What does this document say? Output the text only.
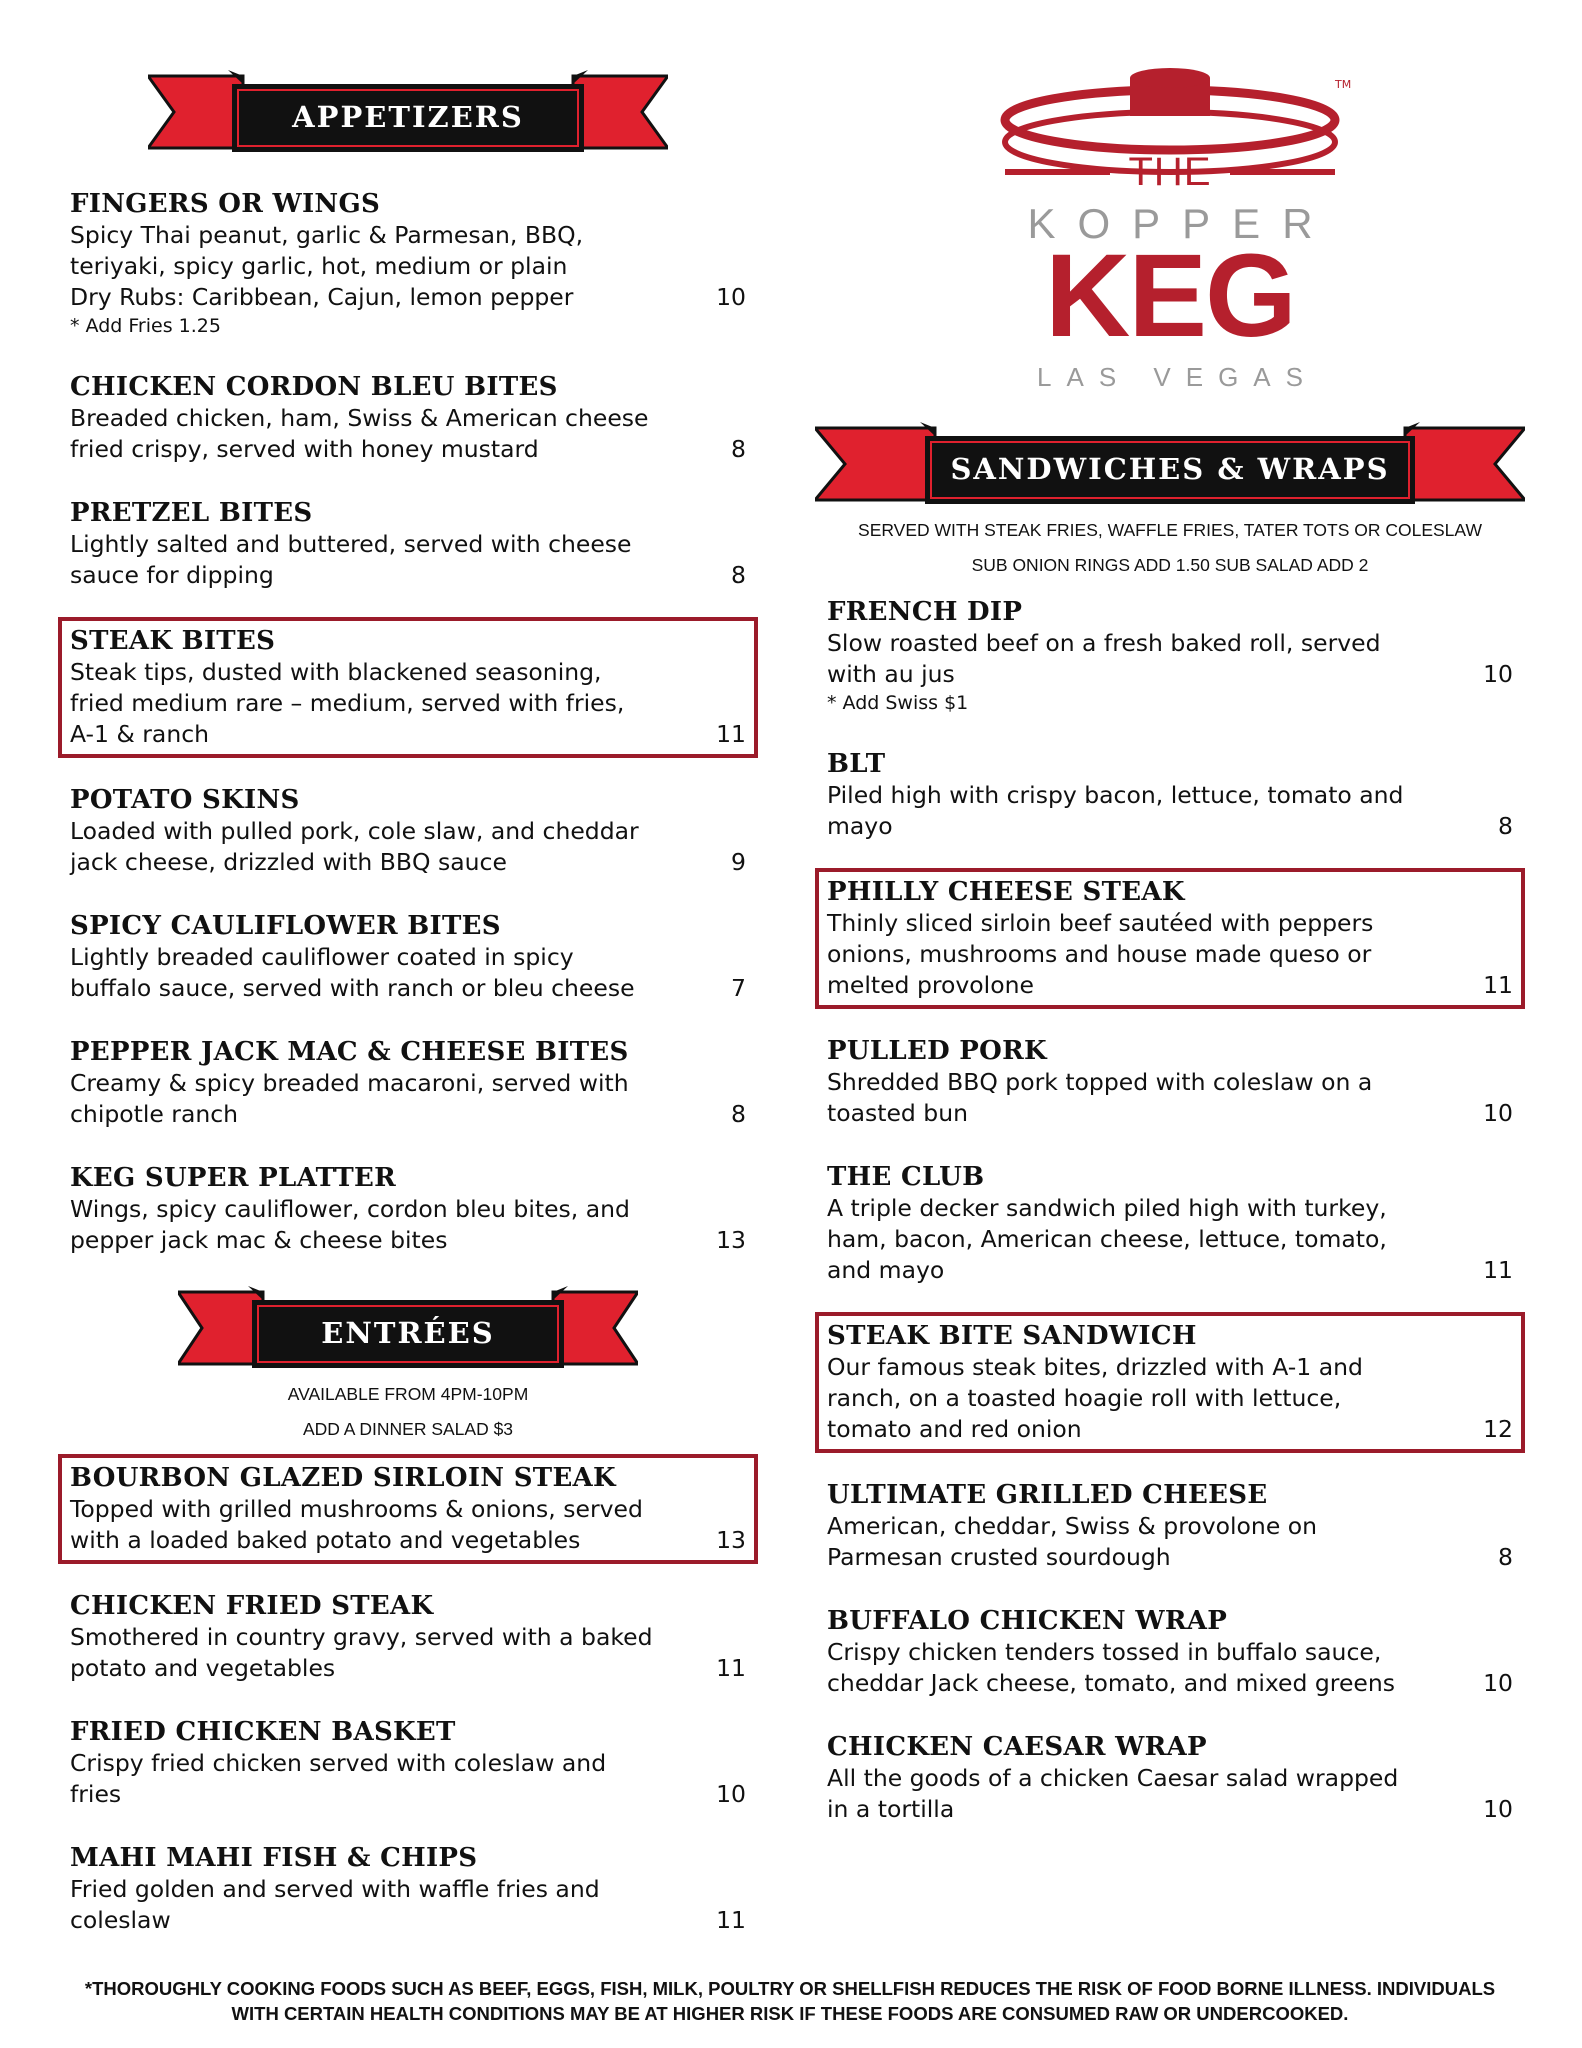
APPETIZERS
FINGERS OR WINGS
Spicy Thai peanut, garlic & Parmesan, BBQ,
teriyaki, spicy garlic, hot, medium or plain
Dry Rubs: Caribbean, Cajun, lemon pepper
* Add Fries 1.25
10
CHICKEN CORDON BLEU BITES
Breaded chicken, ham, Swiss & American cheese
fried crispy, served with honey mustard	8
PRETZEL BITES
Lightly salted and buttered, served with cheese
sauce for dipping	8
STEAK BITES
Steak tips, dusted with blackened seasoning,
fried medium rare – medium, served with fries,
A-1 & ranch	11
POTATO SKINS
Loaded with pulled pork, cole slaw, and cheddar
jack cheese, drizzled with BBQ sauce	9
SPICY CAULIFLOWER BITES
Lightly breaded cauliflower coated in spicy
buffalo sauce, served with ranch or bleu cheese	7
PEPPER JACK MAC & CHEESE BITES
Creamy & spicy breaded macaroni, served with
chipotle ranch	8
KEG SUPER PLATTER
Wings, spicy cauliflower, cordon bleu bites, and
pepper jack mac & cheese bites	13
ENTRÉES
AVAILABLE FROM 4PM-10PM
ADD A DINNER SALAD $3
BOURBON GLAZED SIRLOIN STEAK
Topped with grilled mushrooms & onions, served
with a loaded baked potato and vegetables	13
CHICKEN FRIED STEAK
Smothered in country gravy, served with a baked
potato and vegetables	11
FRIED CHICKEN BASKET
Crispy fried chicken served with coleslaw and
fries	10
MAHI MAHI FISH & CHIPS
Fried golden and served with waffle fries and
coleslaw	11
TM
THE
KOPPER
KEG
LAS VEGAS
SANDWICHES & WRAPS
SERVED WITH STEAK FRIES, WAFFLE FRIES, TATER TOTS OR COLESLAW
SUB ONION RINGS ADD 1.50 SUB SALAD ADD 2
FRENCH DIP
Slow roasted beef on a fresh baked roll, served
with au jus
* Add Swiss $1
10
BLT
Piled high with crispy bacon, lettuce, tomato and
mayo	8
PHILLY CHEESE STEAK
Thinly sliced sirloin beef sautéed with peppers
onions, mushrooms and house made queso or
melted provolone	11
PULLED PORK
Shredded BBQ pork topped with coleslaw on a
toasted bun	10
THE CLUB
A triple decker sandwich piled high with turkey,
ham, bacon, American cheese, lettuce, tomato,
and mayo	11
STEAK BITE SANDWICH
Our famous steak bites, drizzled with A-1 and
ranch, on a toasted hoagie roll with lettuce,
tomato and red onion	12
ULTIMATE GRILLED CHEESE
American, cheddar, Swiss & provolone on
Parmesan crusted sourdough	8
BUFFALO CHICKEN WRAP
Crispy chicken tenders tossed in buffalo sauce,
cheddar Jack cheese, tomato, and mixed greens	10
CHICKEN CAESAR WRAP
All the goods of a chicken Caesar salad wrapped
in a tortilla	10
*THOROUGHLY COOKING FOODS SUCH AS BEEF, EGGS, FISH, MILK, POULTRY OR SHELLFISH REDUCES THE RISK OF FOOD BORNE ILLNESS. INDIVIDUALS WITH CERTAIN HEALTH CONDITIONS MAY BE AT HIGHER RISK IF THESE FOODS ARE CONSUMED RAW OR UNDERCOOKED.
